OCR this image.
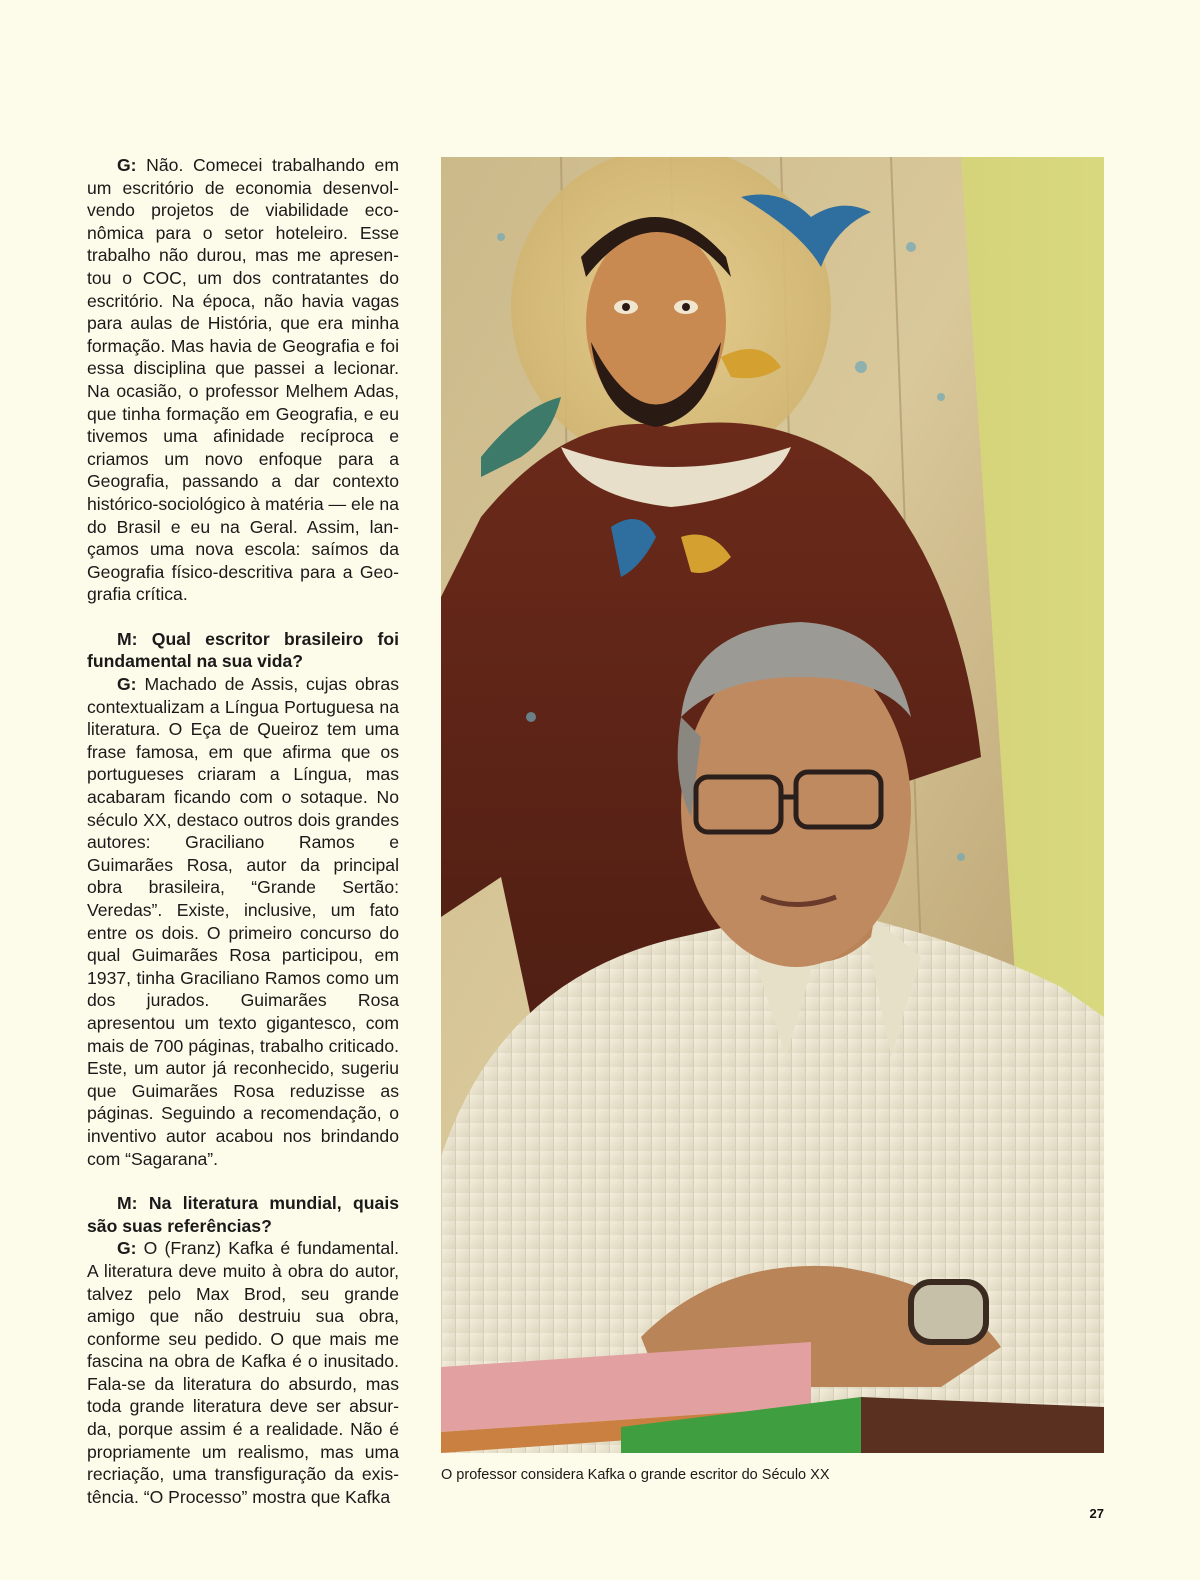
G: Não. Comecei trabalhando em um escritório de economia desenvolvendo projetos de viabilidade econômica para o setor hoteleiro. Esse trabalho não durou, mas me apresentou o COC, um dos contratantes do escritório. Na época, não havia vagas para aulas de História, que era minha formação. Mas havia de Geografia e foi essa disciplina que passei a lecionar. Na ocasião, o professor Melhem Adas, que tinha formação em Geografia, e eu tivemos uma afinidade recíproca e criamos um novo enfoque para a Geografia, passando a dar contexto histórico-sociológico à matéria — ele na do Brasil e eu na Geral. Assim, lançamos uma nova escola: saímos da Geografia físico-descritiva para a Geografia crítica.

M: Qual escritor brasileiro foi fundamental na sua vida?

G: Machado de Assis, cujas obras contextualizam a Língua Portuguesa na literatura. O Eça de Queiroz tem uma frase famosa, em que afirma que os portugueses criaram a Língua, mas acabaram ficando com o sotaque. No século XX, destaco outros dois grandes autores: Graciliano Ramos e Guimarães Rosa, autor da principal obra brasileira, “Grande Sertão: Veredas”. Existe, inclusive, um fato entre os dois. O primeiro concurso do qual Guimarães Rosa participou, em 1937, tinha Graciliano Ramos como um dos jurados. Guimarães Rosa apresentou um texto gigantesco, com mais de 700 páginas, trabalho criticado. Este, um autor já reconhecido, sugeriu que Guimarães Rosa reduzisse as páginas. Seguindo a recomendação, o inventivo autor acabou nos brindando com “Sagarana”.

M: Na literatura mundial, quais são suas referências?

G: O (Franz) Kafka é fundamental. A literatura deve muito à obra do autor, talvez pelo Max Brod, seu grande amigo que não destruiu sua obra, conforme seu pedido. O que mais me fascina na obra de Kafka é o inusitado. Fala-se da literatura do absurdo, mas toda grande literatura deve ser absurda, porque assim é a realidade. Não é propriamente um realismo, mas uma recriação, uma transfiguração da existência. “O Processo” mostra que Kafka

O professor considera Kafka o grande escritor do Século XX
27
